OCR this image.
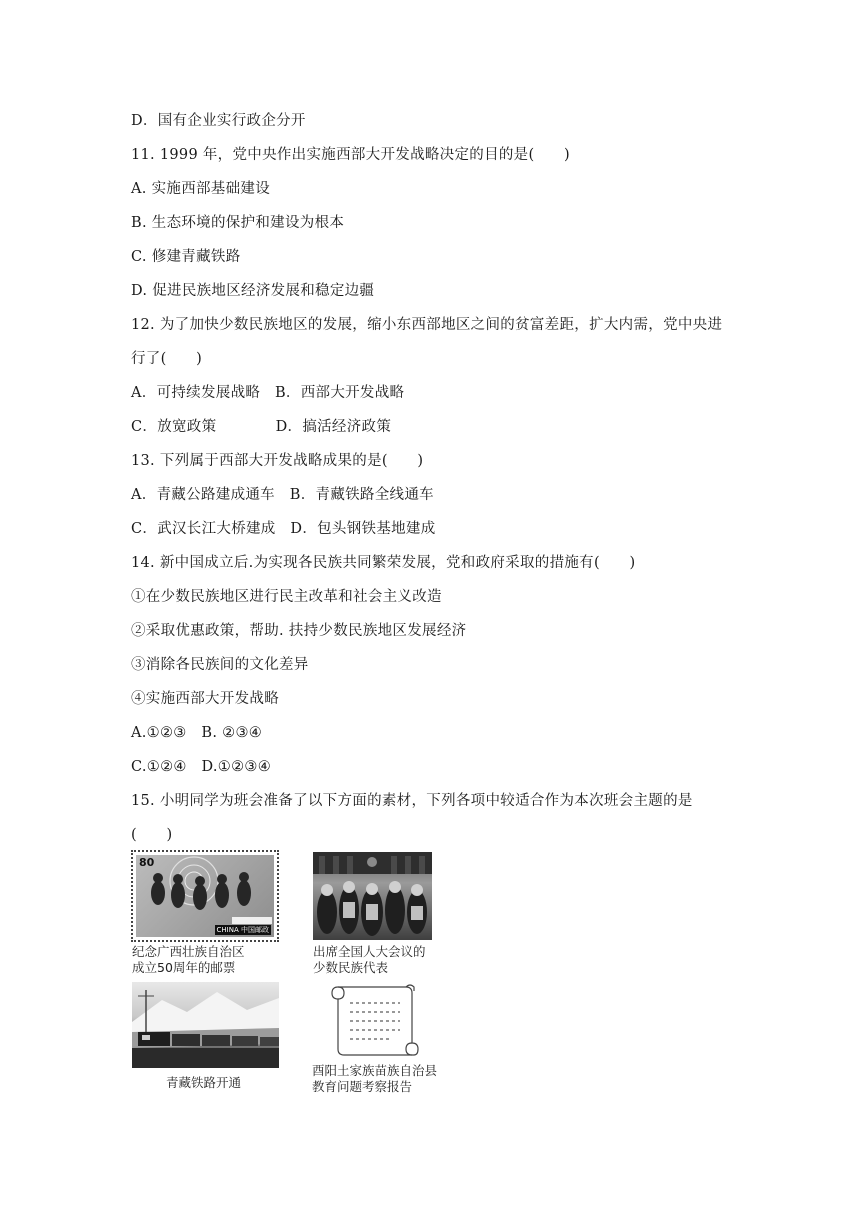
D．国有企业实行政企分开
11. 1999 年，党中央作出实施西部大开发战略决定的目的是(　　)
A. 实施西部基础建设
B. 生态环境的保护和建设为根本
C. 修建青藏铁路
D. 促进民族地区经济发展和稳定边疆
12. 为了加快少数民族地区的发展，缩小东西部地区之间的贫富差距，扩大内需，党中央进
行了(　　)
A．可持续发展战略　B．西部大开发战略
C．放宽政策　　　　D．搞活经济政策
13. 下列属于西部大开发战略成果的是(　　)
A．青藏公路建成通车　B．青藏铁路全线通车
C．武汉长江大桥建成　D．包头钢铁基地建成
14. 新中国成立后.为实现各民族共同繁荣发展，党和政府采取的措施有(　　)
①在少数民族地区进行民主改革和社会主义改造
②采取优惠政策，帮助. 扶持少数民族地区发展经济
③消除各民族间的文化差异
④实施西部大开发战略
A.①②③　B. ②③④
C.①②④　D.①②③④
15. 小明同学为班会准备了以下方面的素材，下列各项中较适合作为本次班会主题的是
(　　)
80
CHINA 中国邮政
纪念广西壮族自治区
成立50周年的邮票
出席全国人大会议的
少数民族代表
青藏铁路开通
酉阳土家族苗族自治县
教育问题考察报告
